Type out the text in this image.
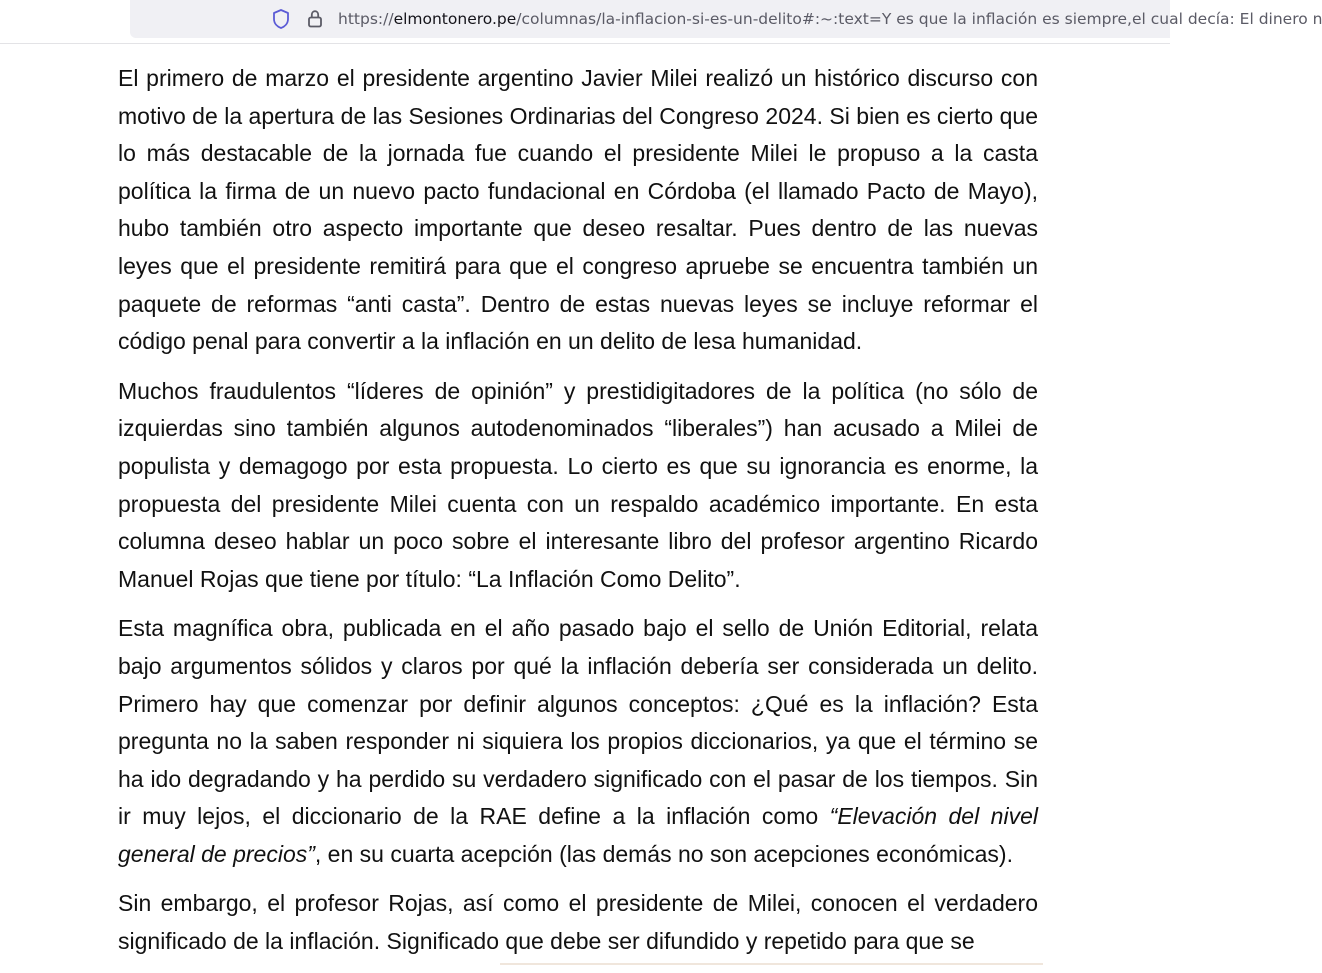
https://elmontonero.pe/columnas/la-inflacion-si-es-un-delito#:~:text=Y es que la inflación es siempre,el cual decía: El dinero n

El primero de marzo el presidente argentino Javier Milei realizó un histórico discurso con motivo de la apertura de las Sesiones Ordinarias del Congreso 2024. Si bien es cierto que lo más destacable de la jornada fue cuando el presidente Milei le propuso a la casta política la firma de un nuevo pacto fundacional en Córdoba (el llamado Pacto de Mayo), hubo también otro aspecto importante que deseo resaltar. Pues dentro de las nuevas leyes que el presidente remitirá para que el congreso apruebe se encuentra también un paquete de reformas “anti casta”. Dentro de estas nuevas leyes se incluye reformar el código penal para convertir a la inflación en un delito de lesa humanidad.

Muchos fraudulentos “líderes de opinión” y prestidigitadores de la política (no sólo de izquierdas sino también algunos autodenominados “liberales”) han acusado a Milei de populista y demagogo por esta propuesta. Lo cierto es que su ignorancia es enorme, la propuesta del presidente Milei cuenta con un respaldo académico importante. En esta columna deseo hablar un poco sobre el interesante libro del profesor argentino Ricardo Manuel Rojas que tiene por título: “La Inflación Como Delito”.

Esta magnífica obra, publicada en el año pasado bajo el sello de Unión Editorial, relata bajo argumentos sólidos y claros por qué la inflación debería ser considerada un delito. Primero hay que comenzar por definir algunos conceptos: ¿Qué es la inflación? Esta pregunta no la saben responder ni siquiera los propios diccionarios, ya que el término se ha ido degradando y ha perdido su verdadero significado con el pasar de los tiempos. Sin ir muy lejos, el diccionario de la RAE define a la inflación como “Elevación del nivel general de precios”, en su cuarta acepción (las demás no son acepciones económicas).

Sin embargo, el profesor Rojas, así como el presidente de Milei, conocen el verdadero significado de la inflación. Significado que debe ser difundido y repetido para que se
